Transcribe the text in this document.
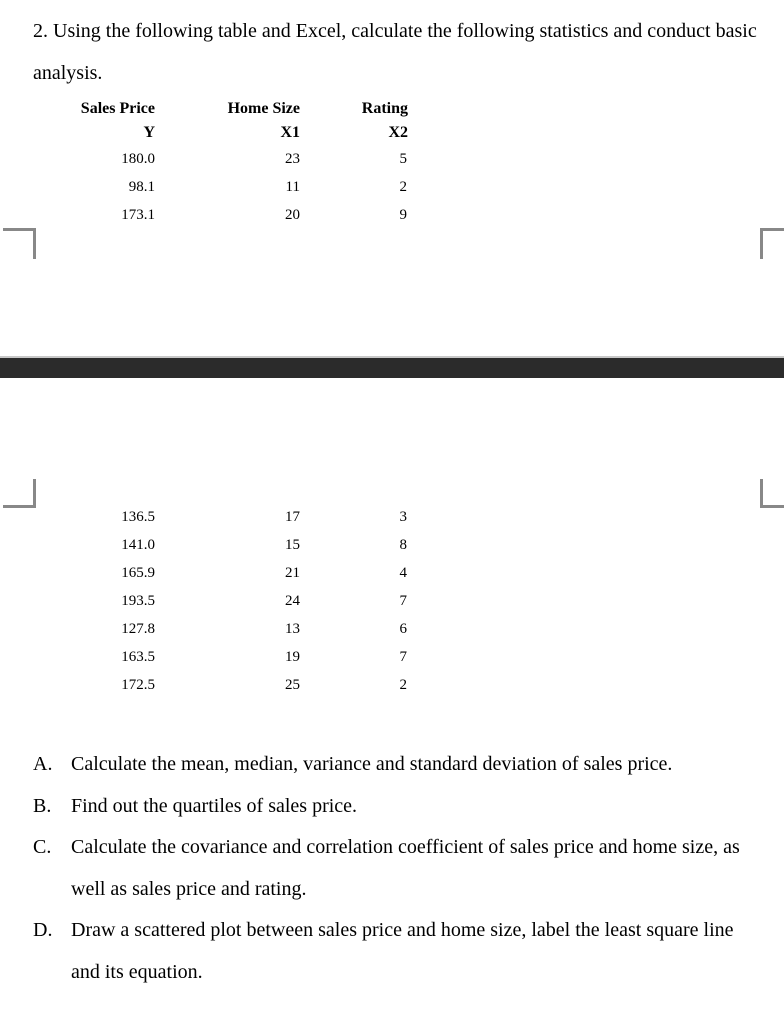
2. Using the following table and Excel, calculate the following statistics and conduct basic analysis.

Sales Price	Home Size	Rating
Y	X1	X2
180.0	23	5
98.1	11	2
173.1	20	9
136.5	17	3
141.0	15	8
165.9	21	4
193.5	24	7
127.8	13	6
163.5	19	7
172.5	25	2
A. Calculate the mean, median, variance and standard deviation of sales price.
B. Find out the quartiles of sales price.
C. Calculate the covariance and correlation coefficient of sales price and home size, as well as sales price and rating.
D. Draw a scattered plot between sales price and home size, label the least square line and its equation.
